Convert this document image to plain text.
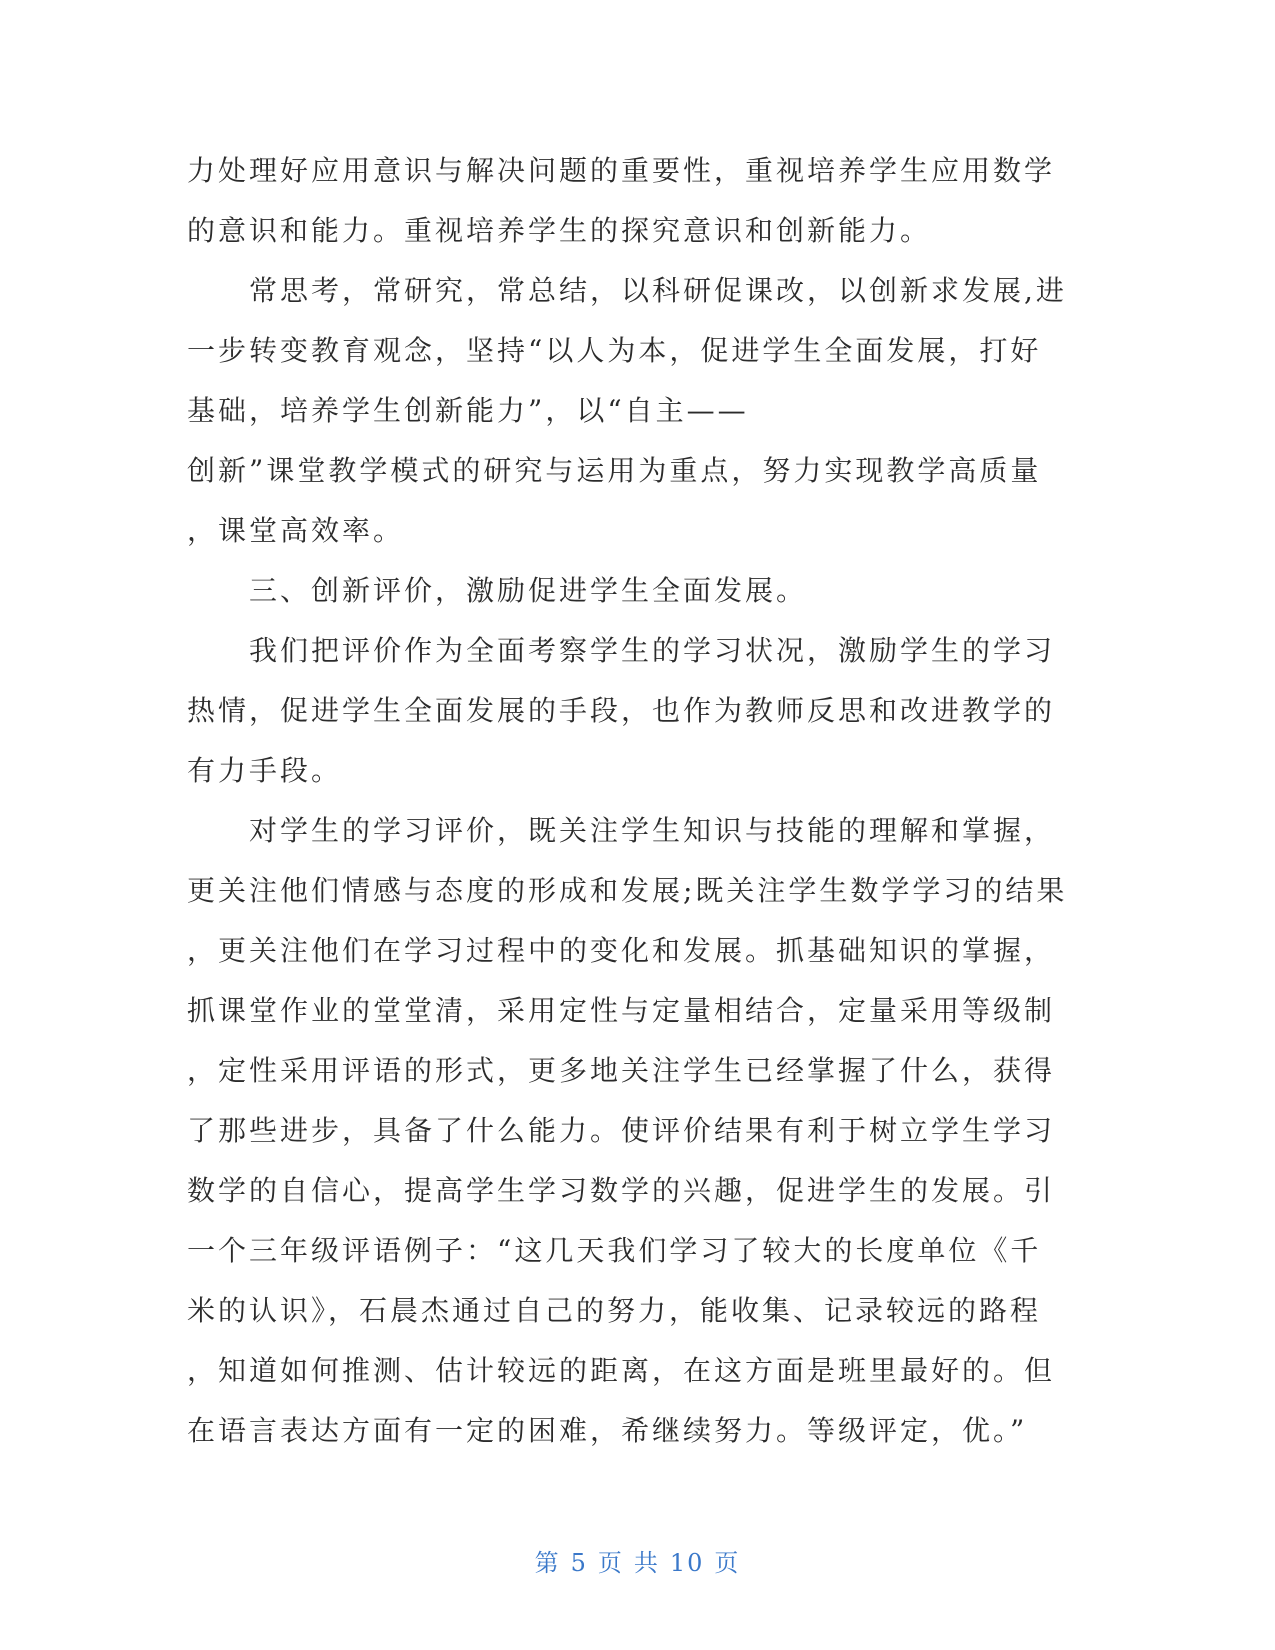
力处理好应用意识与解决问题的重要性，重视培养学生应用数学
的意识和能力。重视培养学生的探究意识和创新能力。
常思考，常研究，常总结，以科研促课改，以创新求发展,进
一步转变教育观念，坚持“以人为本，促进学生全面发展，打好
基础，培养学生创新能力”，以“自主——
创新”课堂教学模式的研究与运用为重点，努力实现教学高质量
，课堂高效率。
三、创新评价，激励促进学生全面发展。
我们把评价作为全面考察学生的学习状况，激励学生的学习
热情，促进学生全面发展的手段，也作为教师反思和改进教学的
有力手段。
对学生的学习评价，既关注学生知识与技能的理解和掌握，
更关注他们情感与态度的形成和发展;既关注学生数学学习的结果
，更关注他们在学习过程中的变化和发展。抓基础知识的掌握，
抓课堂作业的堂堂清，采用定性与定量相结合，定量采用等级制
，定性采用评语的形式，更多地关注学生已经掌握了什么，获得
了那些进步，具备了什么能力。使评价结果有利于树立学生学习
数学的自信心，提高学生学习数学的兴趣，促进学生的发展。引
一个三年级评语例子：“这几天我们学习了较大的长度单位《千
米的认识》，石晨杰通过自己的努力，能收集、记录较远的路程
，知道如何推测、估计较远的距离，在这方面是班里最好的。但
在语言表达方面有一定的困难，希继续努力。等级评定，优。”
第 5 页 共 10 页
